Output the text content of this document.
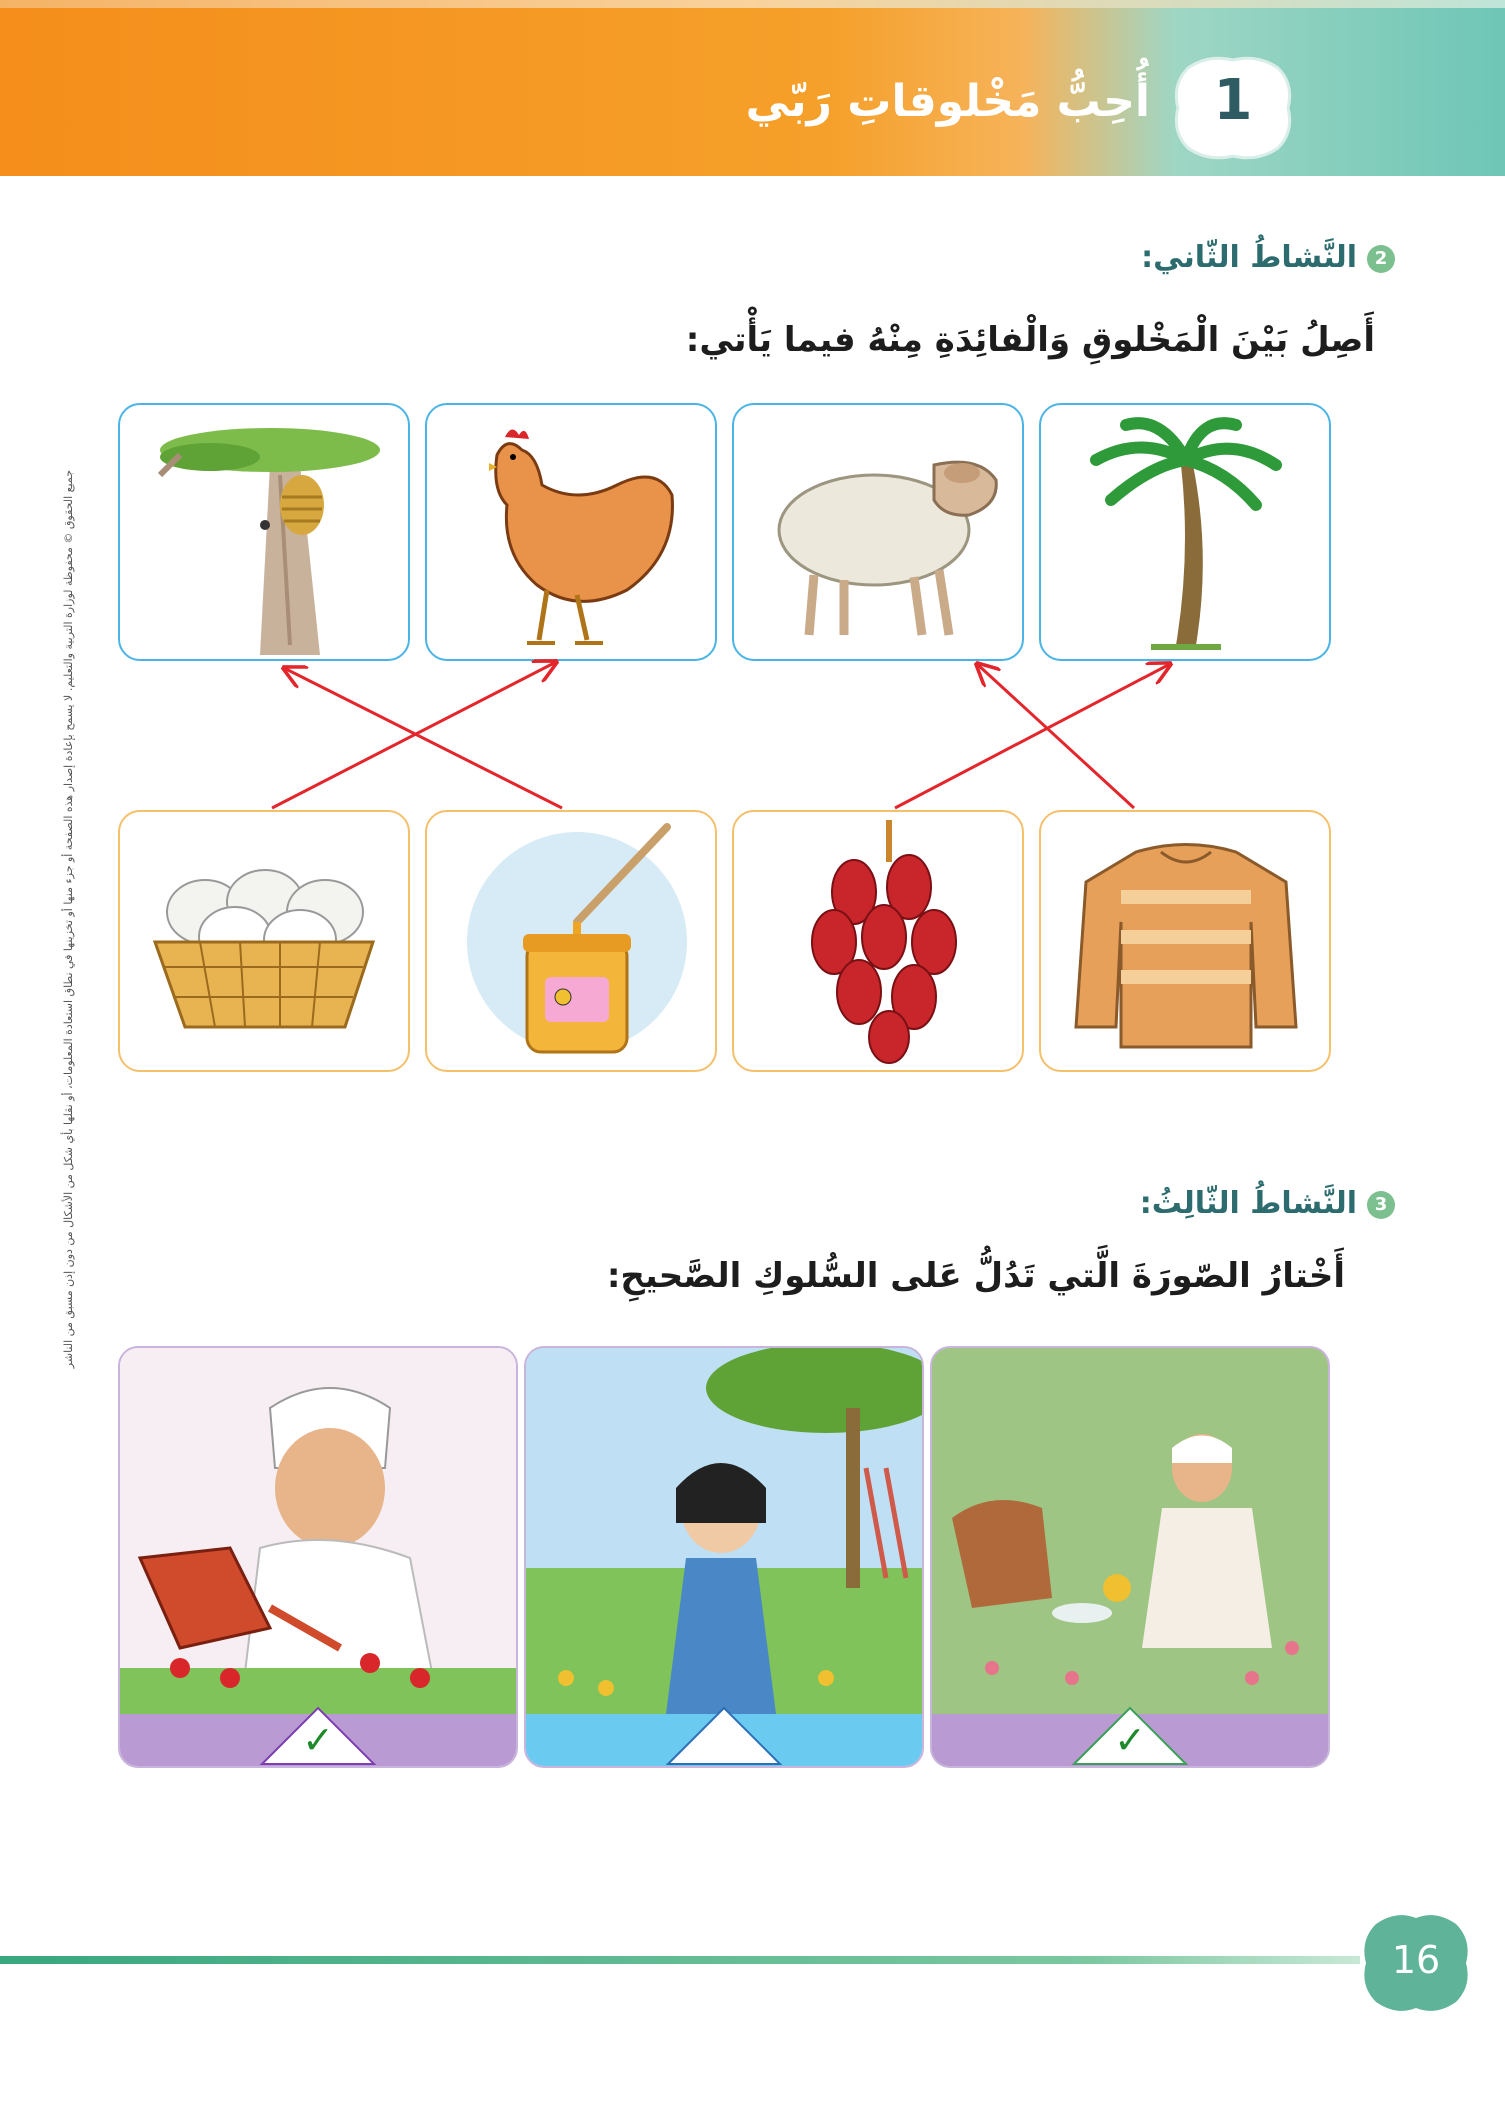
أُحِبُّ مَخْلوقاتِ رَبّي	1
2النَّشاطُ الثّاني:
أَصِلُ بَيْنَ الْمَخْلوقِ وَالْفائِدَةِ مِنْهُ فيما يَأْتي:
3النَّشاطُ الثّالِثُ:
أَخْتارُ الصّورَةَ الَّتي تَدُلُّ عَلى السُّلوكِ الصَّحيحِ:
✓	✓
جميع الحقوق © محفوظة لوزارة التربية والتعليم. لا يسمح بإعادة إصدار هذه الصفحة أو جزء منها أو تخزينها في نطاق استعادة المعلومات، أو نقلها بأي شكل من الأشكال من دون إذن مسبق من الناشر
16
